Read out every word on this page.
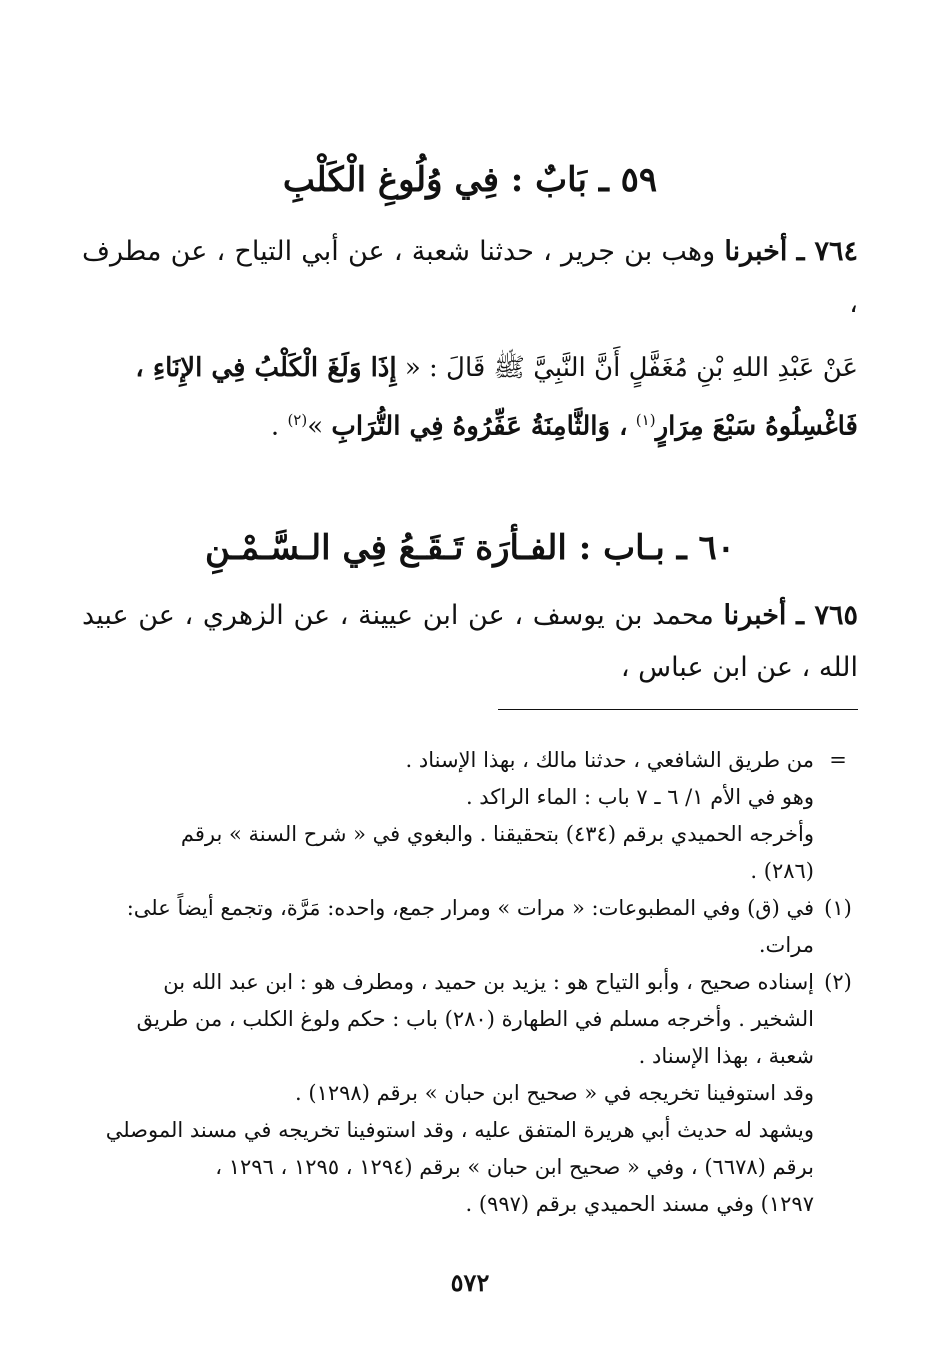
٥٩ ـ بَابٌ : فِي وُلُوغِ الْكَلْبِ
٧٦٤ ـ أخبرنا وهب بن جرير ، حدثنا شعبة ، عن أبي التياح ، عن مطرف ،
عَنْ عَبْدِ اللهِ بْنِ مُغَفَّلٍ أَنَّ النَّبِيَّ ﷺ قَالَ : « إِذَا وَلَغَ الْكَلْبُ فِي الإِنَاءِ ،
فَاغْسِلُوهُ سَبْعَ مِرَارٍ$^{(١)}$ ، وَالثَّامِنَةُ عَفِّرُوهُ فِي التُّرَابِ »$^{(٢)}$ .
٦٠ ـ بـاب : الفـأرَة تَـقَـعُ فِي الـسَّـمْـنِ
٧٦٥ ـ أخبرنا محمد بن يوسف ، عن ابن عيينة ، عن الزهري ، عن عبيد الله ، عن ابن عباس ،
=
من طريق الشافعي ، حدثنا مالك ، بهذا الإسناد .
وهو في الأم ١/ ٦ ـ ٧ باب : الماء الراكد .
وأخرجه الحميدي برقم (٤٣٤) بتحقيقنا . والبغوي في « شرح السنة » برقم
(٢٨٦) .
(١)
في (ق) وفي المطبوعات: « مرات » ومرار جمع، واحده: مَرَّة، وتجمع أيضاً على:
مرات.
(٢)
إسناده صحيح ، وأبو التياح هو : يزيد بن حميد ، ومطرف هو : ابن عبد الله بن
الشخير . وأخرجه مسلم في الطهارة (٢٨٠) باب : حكم ولوغ الكلب ، من طريق
شعبة ، بهذا الإسناد .
وقد استوفينا تخريجه في « صحيح ابن حبان » برقم (١٢٩٨) .
ويشهد له حديث أبي هريرة المتفق عليه ، وقد استوفينا تخريجه في مسند الموصلي
برقم (٦٦٧٨) ، وفي « صحيح ابن حبان » برقم (١٢٩٤ ، ١٢٩٥ ، ١٢٩٦ ،
١٢٩٧) وفي مسند الحميدي برقم (٩٩٧) .
٥٧٢
